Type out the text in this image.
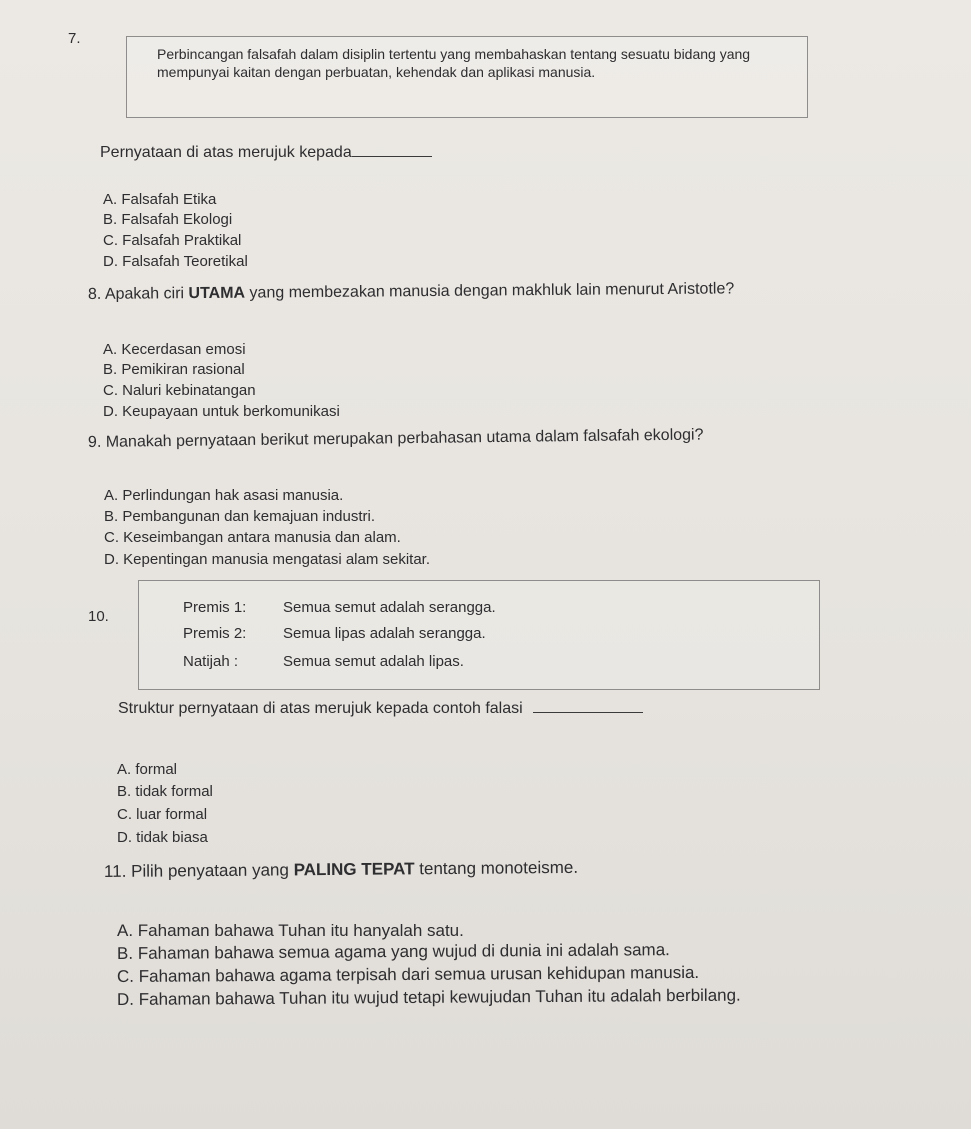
7.
Perbincangan falsafah dalam disiplin tertentu yang membahaskan tentang sesuatu bidang yang mempunyai kaitan dengan perbuatan, kehendak dan aplikasi manusia.
Pernyataan di atas merujuk kepada
A. Falsafah Etika
B. Falsafah Ekologi
C. Falsafah Praktikal
D. Falsafah Teoretikal
8. Apakah ciri UTAMA yang membezakan manusia dengan makhluk lain menurut Aristotle?
A. Kecerdasan emosi
B. Pemikiran rasional
C. Naluri kebinatangan
D. Keupayaan untuk berkomunikasi
9. Manakah pernyataan berikut merupakan perbahasan utama dalam falsafah ekologi?
A. Perlindungan hak asasi manusia.
B. Pembangunan dan kemajuan industri.
C. Keseimbangan antara manusia dan alam.
D. Kepentingan manusia mengatasi alam sekitar.
10.
Premis 1: Semua semut adalah serangga.
Premis 2: Semua lipas adalah serangga.
Natijah :	Semua semut adalah lipas.
Struktur pernyataan di atas merujuk kepada contoh falasi
A. formal
B. tidak formal
C. luar formal
D. tidak biasa
11. Pilih penyataan yang PALING TEPAT tentang monoteisme.
A. Fahaman bahawa Tuhan itu hanyalah satu.
B. Fahaman bahawa semua agama yang wujud di dunia ini adalah sama.
C. Fahaman bahawa agama terpisah dari semua urusan kehidupan manusia.
D. Fahaman bahawa Tuhan itu wujud tetapi kewujudan Tuhan itu adalah berbilang.
